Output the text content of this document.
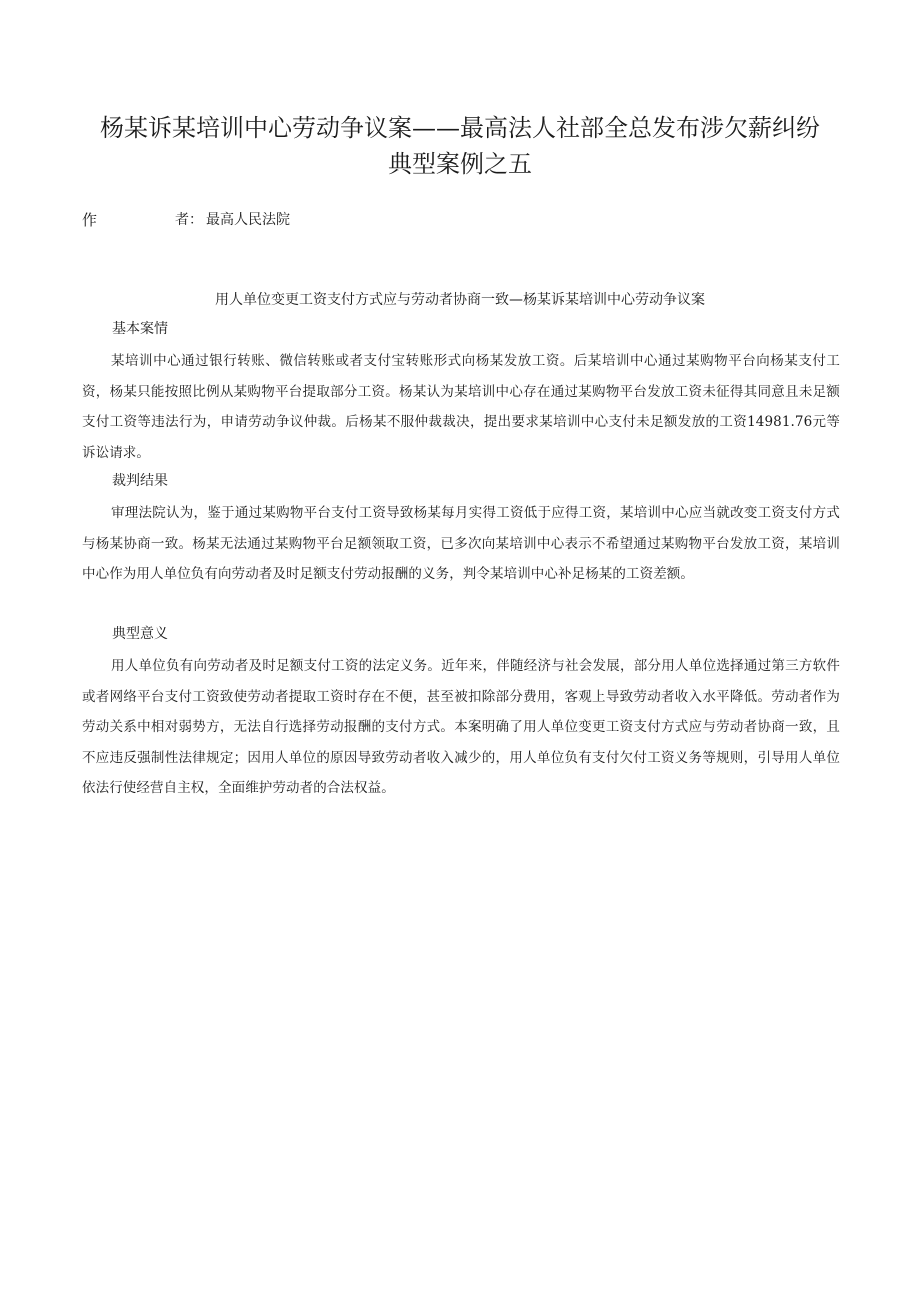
杨某诉某培训中心劳动争议案——最高法人社部全总发布涉欠薪纠纷典型案例之五
作	者： 最高人民法院
用人单位变更工资支付方式应与劳动者协商一致—杨某诉某培训中心劳动争议案
基本案情

某培训中心通过银行转账、微信转账或者支付宝转账形式向杨某发放工资。后某培训中心通过某购物平台向杨某支付工资，杨某只能按照比例从某购物平台提取部分工资。杨某认为某培训中心存在通过某购物平台发放工资未征得其同意且未足额支付工资等违法行为，申请劳动争议仲裁。后杨某不服仲裁裁决，提出要求某培训中心支付未足额发放的工资14981.76元等诉讼请求。

裁判结果

审理法院认为，鉴于通过某购物平台支付工资导致杨某每月实得工资低于应得工资，某培训中心应当就改变工资支付方式与杨某协商一致。杨某无法通过某购物平台足额领取工资，已多次向某培训中心表示不希望通过某购物平台发放工资，某培训中心作为用人单位负有向劳动者及时足额支付劳动报酬的义务，判令某培训中心补足杨某的工资差额。

典型意义

用人单位负有向劳动者及时足额支付工资的法定义务。近年来，伴随经济与社会发展，部分用人单位选择通过第三方软件或者网络平台支付工资致使劳动者提取工资时存在不便，甚至被扣除部分费用，客观上导致劳动者收入水平降低。劳动者作为劳动关系中相对弱势方，无法自行选择劳动报酬的支付方式。本案明确了用人单位变更工资支付方式应与劳动者协商一致，且不应违反强制性法律规定；因用人单位的原因导致劳动者收入减少的，用人单位负有支付欠付工资义务等规则，引导用人单位依法行使经营自主权，全面维护劳动者的合法权益。
